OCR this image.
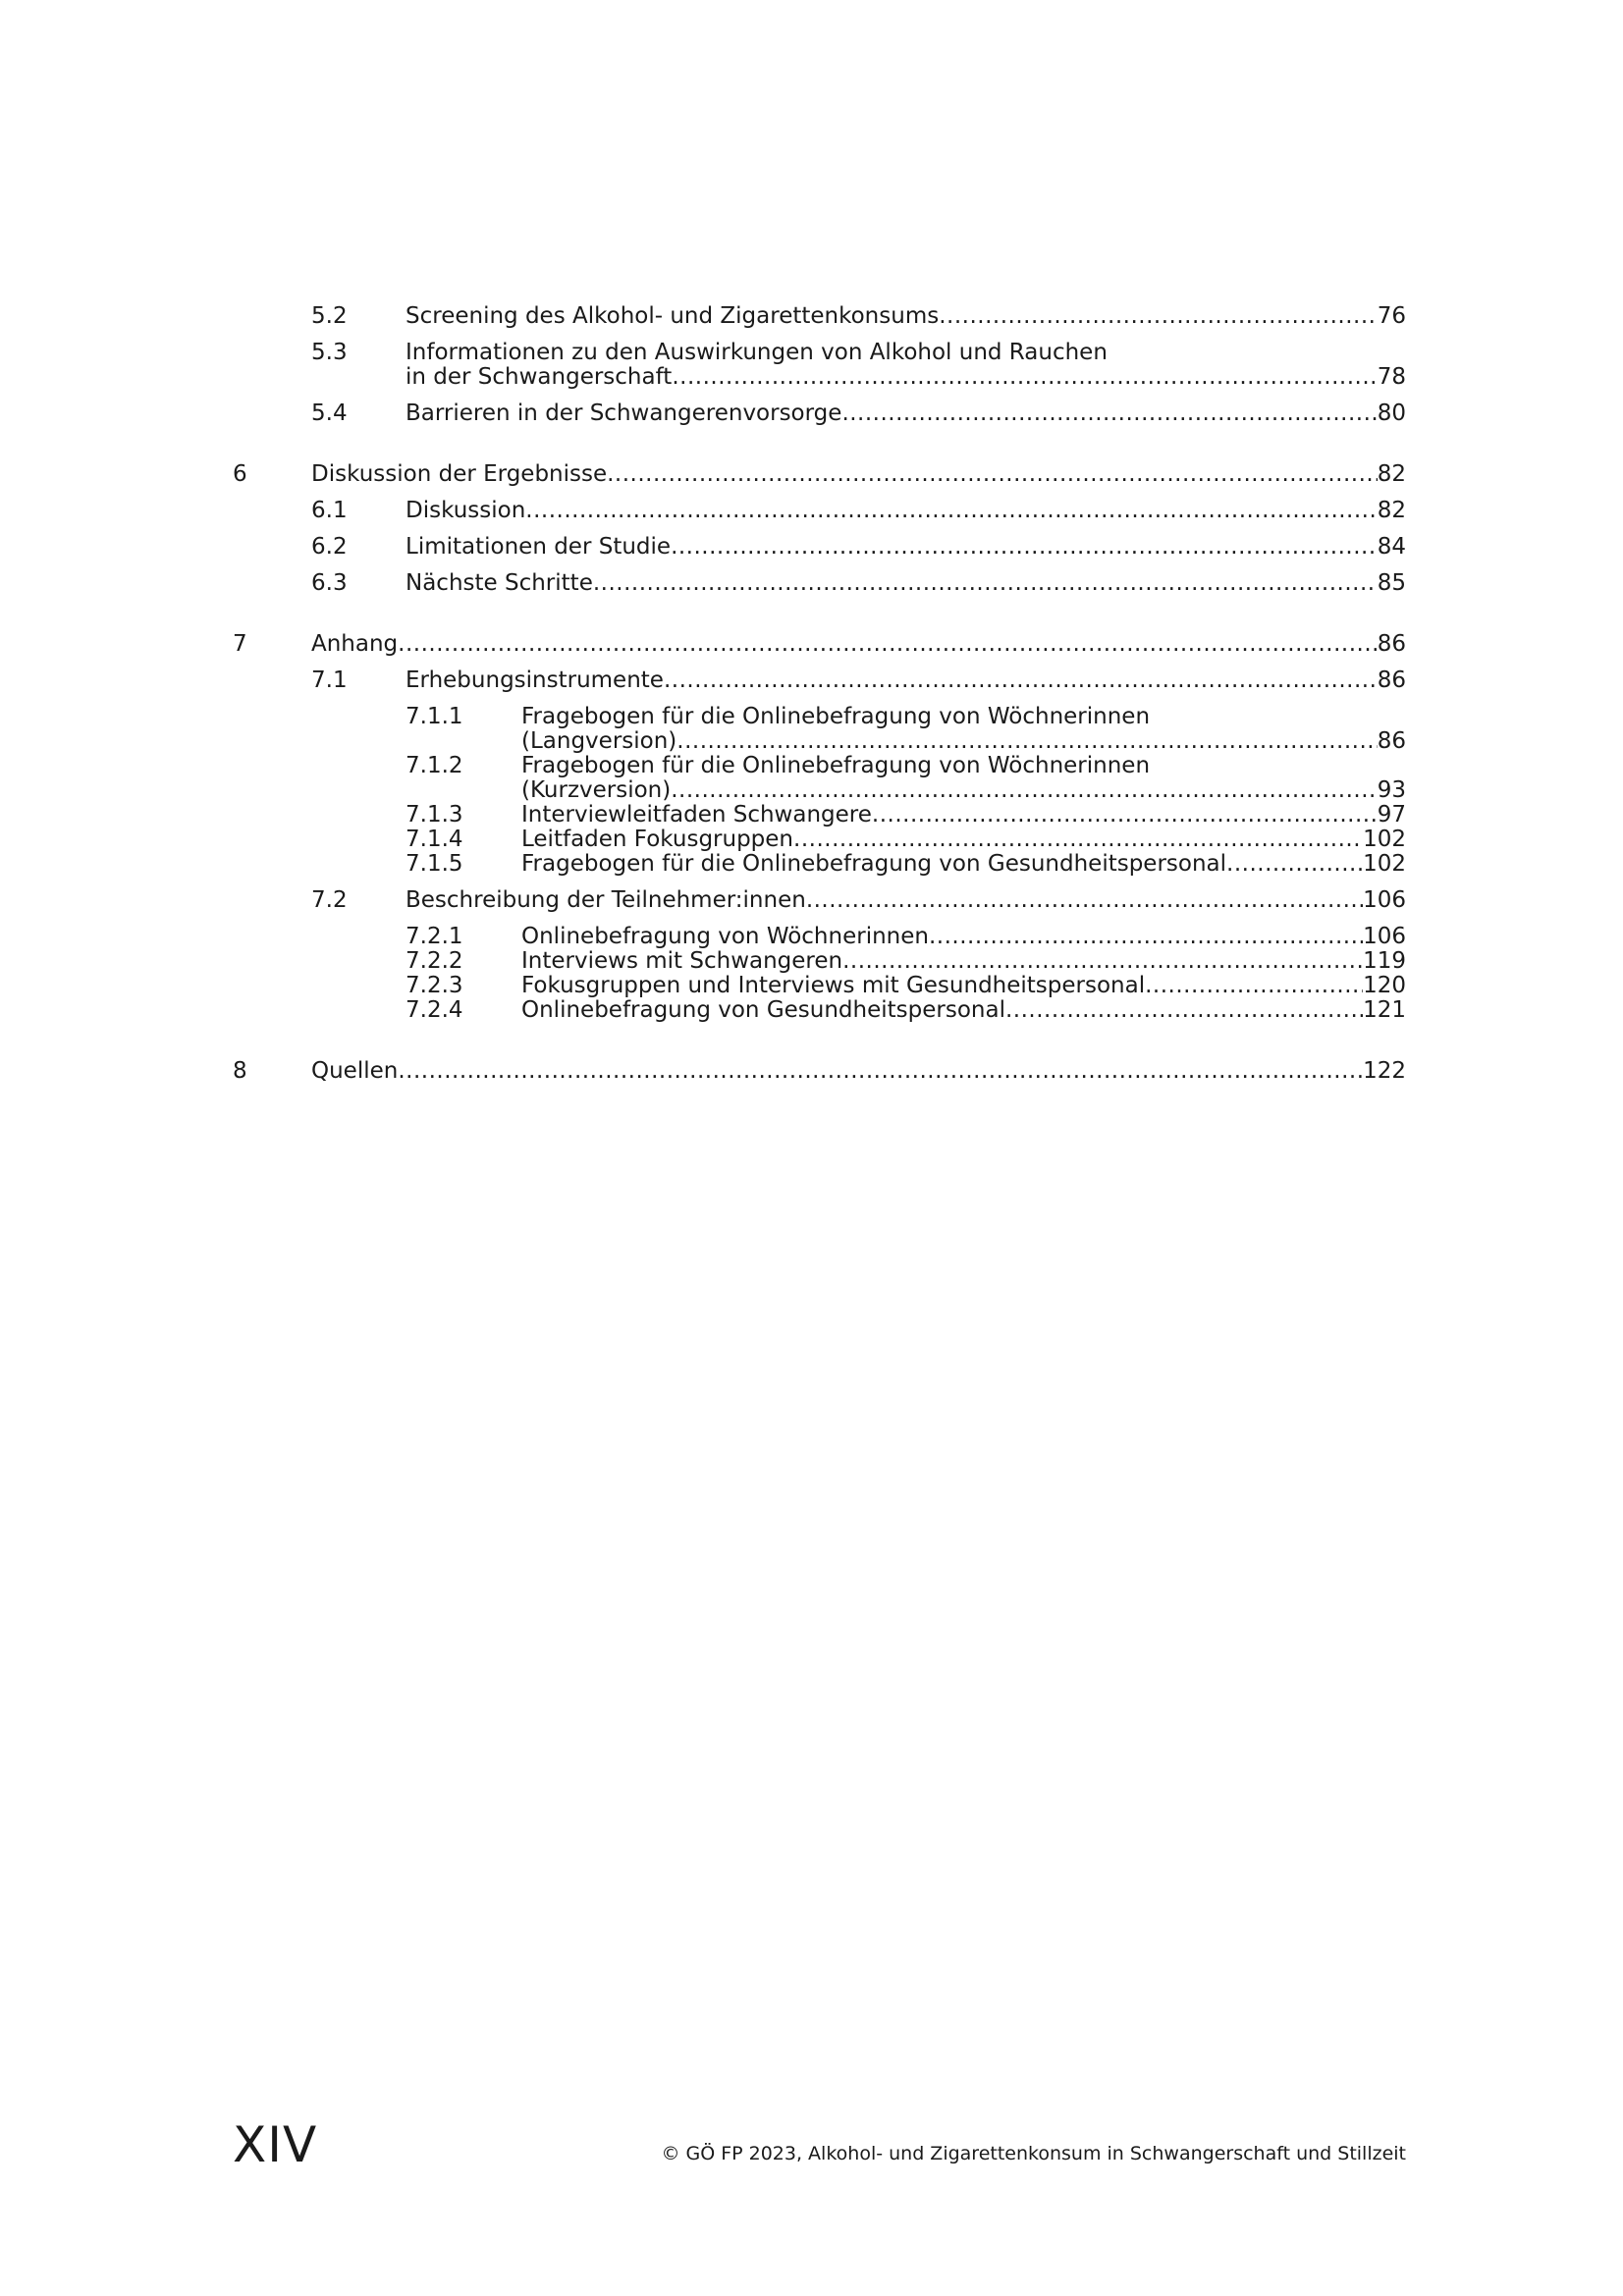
5.2	Screening des Alkohol- und Zigarettenkonsums .....	76
5.3	Informationen zu den Auswirkungen von Alkohol und Rauchen
in der Schwangerschaft .....	78
5.4	Barrieren in der Schwangerenvorsorge .....	80
6	Diskussion der Ergebnisse .....	82
6.1	Diskussion .....	82
6.2	Limitationen der Studie .....	84
6.3	Nächste Schritte .....	85
7	Anhang .....	86
7.1	Erhebungsinstrumente .....	86
7.1.1	Fragebogen für die Onlinebefragung von Wöchnerinnen
(Langversion) .....	86
7.1.2	Fragebogen für die Onlinebefragung von Wöchnerinnen
(Kurzversion) .....	93
7.1.3	Interviewleitfaden Schwangere .....	97
7.1.4	Leitfaden Fokusgruppen .....	102
7.1.5	Fragebogen für die Onlinebefragung von Gesundheitspersonal .....	102
7.2	Beschreibung der Teilnehmer:innen .....	106
7.2.1	Onlinebefragung von Wöchnerinnen .....	106
7.2.2	Interviews mit Schwangeren .....	119
7.2.3	Fokusgruppen und Interviews mit Gesundheitspersonal .....	120
7.2.4	Onlinebefragung von Gesundheitspersonal .....	121
8	Quellen .....	122
XIV	© GÖ FP 2023, Alkohol- und Zigarettenkonsum in Schwangerschaft und Stillzeit
